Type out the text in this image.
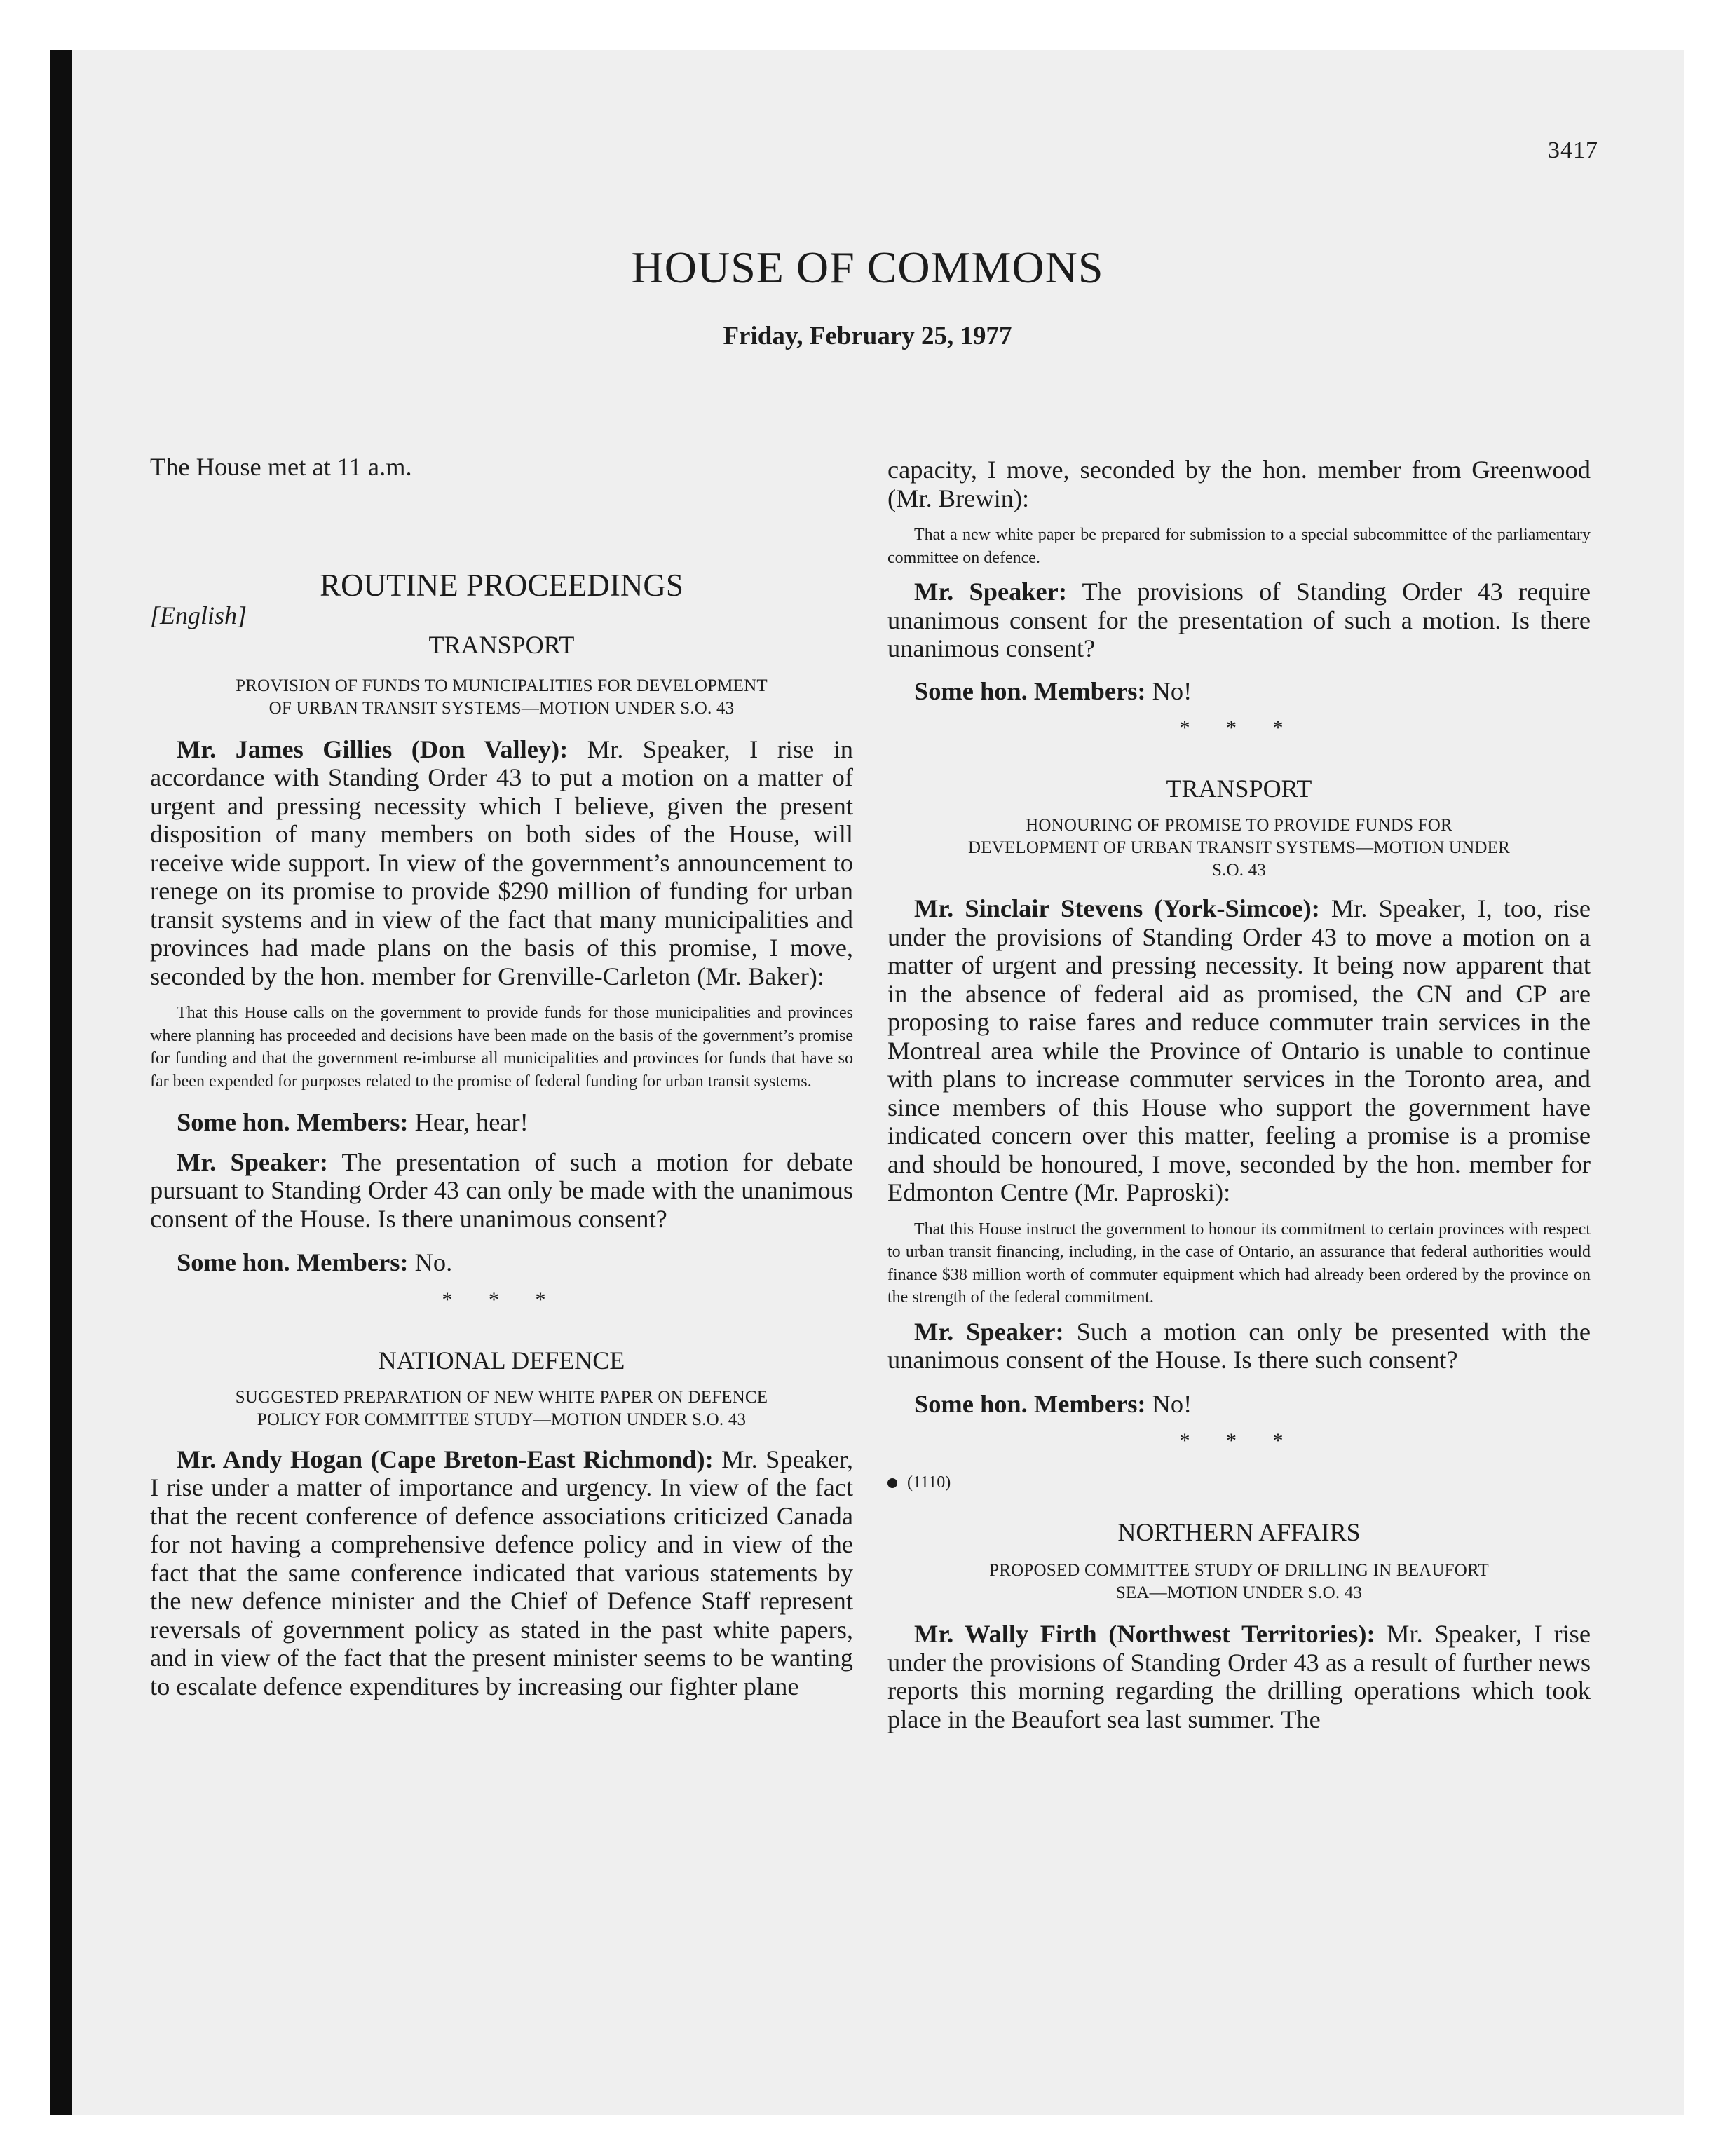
3417
HOUSE OF COMMONS
Friday, February 25, 1977

The House met at 11 a.m.

ROUTINE PROCEEDINGS
[English]
TRANSPORT

PROVISION OF FUNDS TO MUNICIPALITIES FOR DEVELOPMENT

OF URBAN TRANSIT SYSTEMS—MOTION UNDER S.O. 43

Mr. James Gillies (Don Valley): Mr. Speaker, I rise in accordance with Standing Order 43 to put a motion on a matter of urgent and pressing necessity which I believe, given the present disposition of many members on both sides of the House, will receive wide support. In view of the government’s announcement to renege on its promise to provide $290 million of funding for urban transit systems and in view of the fact that many municipalities and provinces had made plans on the basis of this promise, I move, seconded by the hon. member for Grenville-Carleton (Mr. Baker):

That this House calls on the government to provide funds for those municipalities and provinces where planning has proceeded and decisions have been made on the basis of the government’s promise for funding and that the government re-imburse all municipalities and provinces for funds that have so far been expended for purposes related to the promise of federal funding for urban transit systems.

Some hon. Members: Hear, hear!

Mr. Speaker: The presentation of such a motion for debate pursuant to Standing Order 43 can only be made with the unanimous consent of the House. Is there unanimous consent?

Some hon. Members: No.

* * *
NATIONAL DEFENCE

SUGGESTED PREPARATION OF NEW WHITE PAPER ON DEFENCE

POLICY FOR COMMITTEE STUDY—MOTION UNDER S.O. 43

Mr. Andy Hogan (Cape Breton-East Richmond): Mr. Speaker, I rise under a matter of importance and urgency. In view of the fact that the recent conference of defence associations criticized Canada for not having a comprehensive defence policy and in view of the fact that the same conference indicated that various statements by the new defence minister and the Chief of Defence Staff represent reversals of government policy as stated in the past white papers, and in view of the fact that the present minister seems to be wanting to escalate defence expenditures by increasing our fighter plane

capacity, I move, seconded by the hon. member from Greenwood (Mr. Brewin):

That a new white paper be prepared for submission to a special subcommittee of the parliamentary committee on defence.

Mr. Speaker: The provisions of Standing Order 43 require unanimous consent for the presentation of such a motion. Is there unanimous consent?

Some hon. Members: No!

* * *
TRANSPORT

HONOURING OF PROMISE TO PROVIDE FUNDS FOR

DEVELOPMENT OF URBAN TRANSIT SYSTEMS—MOTION UNDER

S.O. 43

Mr. Sinclair Stevens (York-Simcoe): Mr. Speaker, I, too, rise under the provisions of Standing Order 43 to move a motion on a matter of urgent and pressing necessity. It being now apparent that in the absence of federal aid as promised, the CN and CP are proposing to raise fares and reduce commuter train services in the Montreal area while the Province of Ontario is unable to continue with plans to increase commuter services in the Toronto area, and since members of this House who support the government have indicated concern over this matter, feeling a promise is a promise and should be honoured, I move, seconded by the hon. member for Edmonton Centre (Mr. Paproski):

That this House instruct the government to honour its commitment to certain provinces with respect to urban transit financing, including, in the case of Ontario, an assurance that federal authorities would finance $38 million worth of commuter equipment which had already been ordered by the province on the strength of the federal commitment.

Mr. Speaker: Such a motion can only be presented with the unanimous consent of the House. Is there such consent?

Some hon. Members: No!

* * *
(1110)
NORTHERN AFFAIRS

PROPOSED COMMITTEE STUDY OF DRILLING IN BEAUFORT

SEA—MOTION UNDER S.O. 43

Mr. Wally Firth (Northwest Territories): Mr. Speaker, I rise under the provisions of Standing Order 43 as a result of further news reports this morning regarding the drilling operations which took place in the Beaufort sea last summer. The
